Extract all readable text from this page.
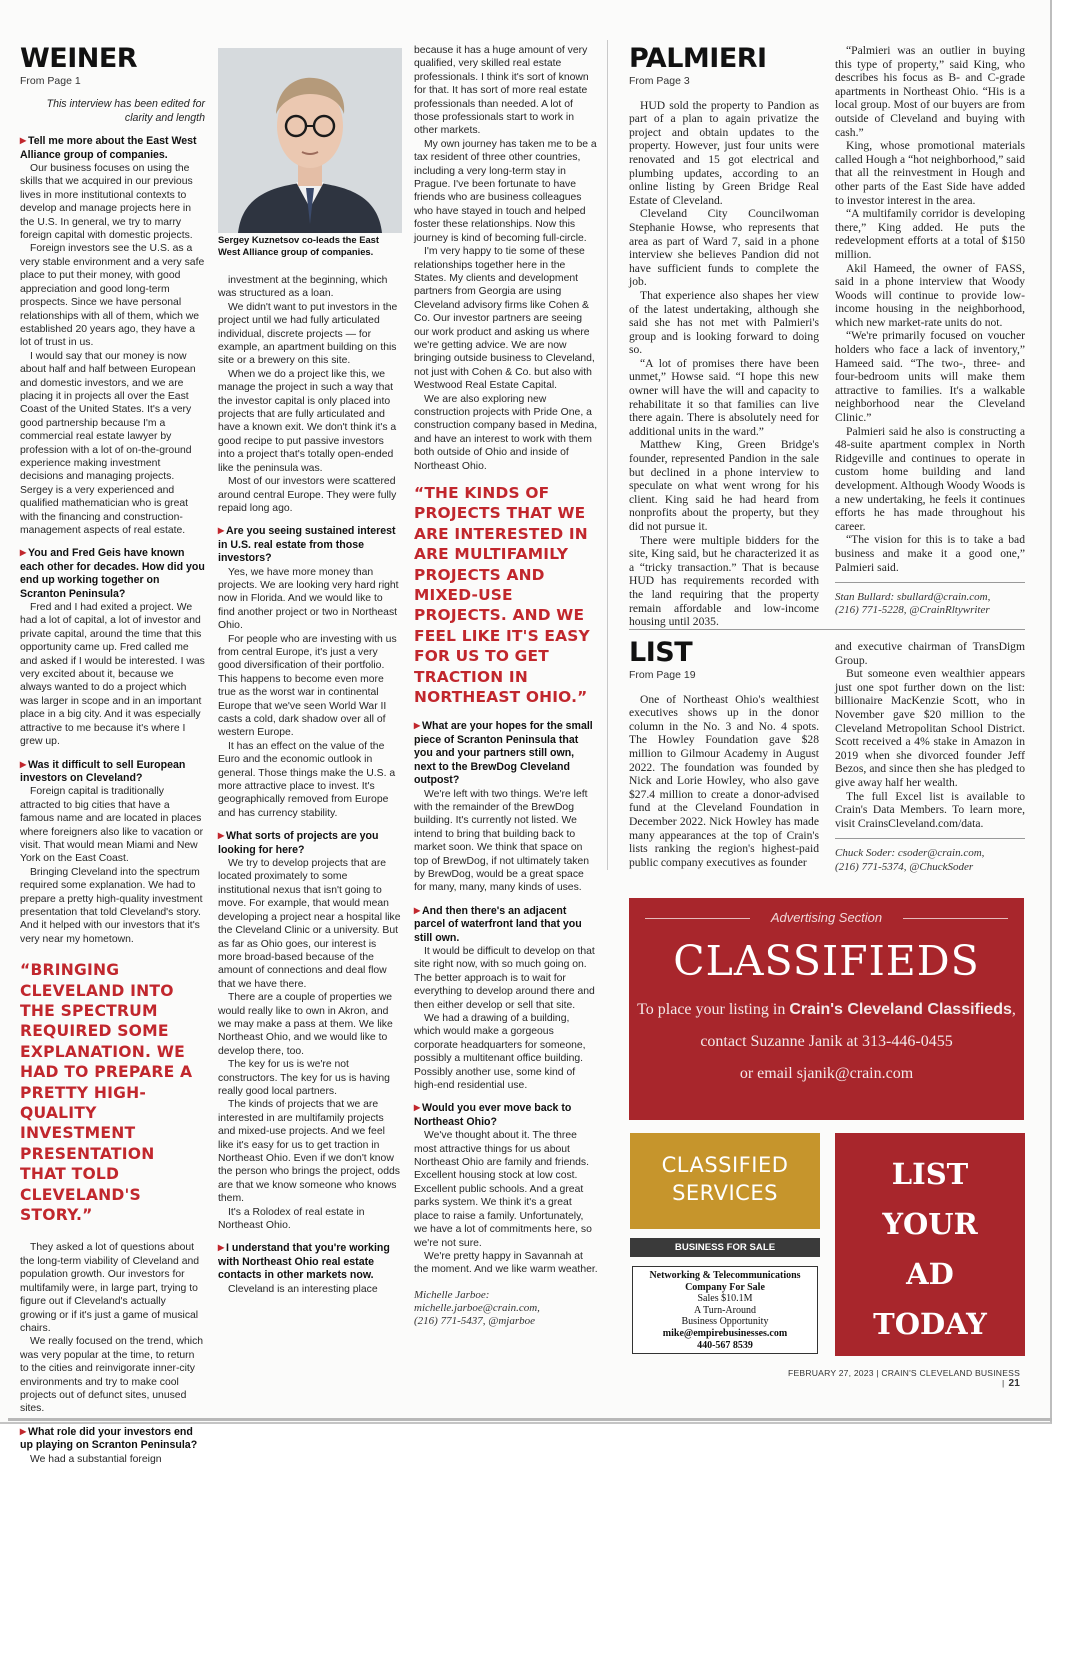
WEINER
From Page 1
This interview has been edited for clarity and length
▸ Tell me more about the East West Alliance group of companies.

Our business focuses on using the skills that we acquired in our previous lives in more institutional contexts to develop and manage projects here in the U.S. In general, we try to marry foreign capital with domestic projects.

Foreign investors see the U.S. as a very stable environment and a very safe place to put their money, with good appreciation and good long-term prospects. Since we have personal relationships with all of them, which we established 20 years ago, they have a lot of trust in us.

I would say that our money is now about half and half between European and domestic investors, and we are placing it in projects all over the East Coast of the United States. It's a very good partnership because I'm a commercial real estate lawyer by profession with a lot of on-the-ground experience making investment decisions and managing projects. Sergey is a very experienced and qualified mathematician who is great with the financing and construction-management aspects of real estate.

▸ You and Fred Geis have known each other for decades. How did you end up working together on Scranton Peninsula?

Fred and I had exited a project. We had a lot of capital, a lot of investor and private capital, around the time that this opportunity came up. Fred called me and asked if I would be interested. I was very excited about it, because we always wanted to do a project which was larger in scope and in an important place in a big city. And it was especially attractive to me because it's where I grew up.

▸ Was it difficult to sell European investors on Cleveland?

Foreign capital is traditionally attracted to big cities that have a famous name and are located in places where foreigners also like to vacation or visit. That would mean Miami and New York on the East Coast.

Bringing Cleveland into the spectrum required some explanation. We had to prepare a pretty high-quality investment presentation that told Cleveland's story. And it helped with our investors that it's very near my hometown.

“BRINGING CLEVELAND INTO THE SPECTRUM REQUIRED SOME EXPLANATION. WE HAD TO PREPARE A PRETTY HIGH-QUALITY INVESTMENT PRESENTATION THAT TOLD CLEVELAND'S STORY.”

They asked a lot of questions about the long-term viability of Cleveland and population growth. Our investors for multifamily were, in large part, trying to figure out if Cleveland's actually growing or if it's just a game of musical chairs.

We really focused on the trend, which was very popular at the time, to return to the cities and reinvigorate inner-city environments and try to make cool projects out of defunct sites, unused sites.

▸ What role did your investors end up playing on Scranton Peninsula?

We had a substantial foreign

Sergey Kuznetsov co-leads the East West Alliance group of companies.

investment at the beginning, which was structured as a loan.

We didn't want to put investors in the project until we had fully articulated individual, discrete projects — for example, an apartment building on this site or a brewery on this site.

When we do a project like this, we manage the project in such a way that the investor capital is only placed into projects that are fully articulated and have a known exit. We don't think it's a good recipe to put passive investors into a project that's totally open-ended like the peninsula was.

Most of our investors were scattered around central Europe. They were fully repaid long ago.

▸ Are you seeing sustained interest in U.S. real estate from those investors?

Yes, we have more money than projects. We are looking very hard right now in Florida. And we would like to find another project or two in Northeast Ohio.

For people who are investing with us from central Europe, it's just a very good diversification of their portfolio. This happens to become even more true as the worst war in continental Europe that we've seen World War II casts a cold, dark shadow over all of western Europe.

It has an effect on the value of the Euro and the economic outlook in general. Those things make the U.S. a more attractive place to invest. It's geographically removed from Europe and has currency stability.

▸ What sorts of projects are you looking for here?

We try to develop projects that are located proximately to some institutional nexus that isn't going to move. For example, that would mean developing a project near a hospital like the Cleveland Clinic or a university. But as far as Ohio goes, our interest is more broad-based because of the amount of connections and deal flow that we have there.

There are a couple of properties we would really like to own in Akron, and we may make a pass at them. We like Northeast Ohio, and we would like to develop there, too.

The key for us is we're not constructors. The key for us is having really good local partners.

The kinds of projects that we are interested in are multifamily projects and mixed-use projects. And we feel like it's easy for us to get traction in Northeast Ohio. Even if we don't know the person who brings the project, odds are that we know someone who knows them.

It's a Rolodex of real estate in Northeast Ohio.

▸ I understand that you're working with Northeast Ohio real estate contacts in other markets now.

Cleveland is an interesting place

because it has a huge amount of very qualified, very skilled real estate professionals. I think it's sort of known for that. It has sort of more real estate professionals than needed. A lot of those professionals start to work in other markets.

My own journey has taken me to be a tax resident of three other countries, including a very long-term stay in Prague. I've been fortunate to have friends who are business colleagues who have stayed in touch and helped foster these relationships. Now this journey is kind of becoming full-circle.

I'm very happy to tie some of these relationships together here in the States. My clients and development partners from Georgia are using Cleveland advisory firms like Cohen & Co. Our investor partners are seeing our work product and asking us where we're getting advice. We are now bringing outside business to Cleveland, not just with Cohen & Co. but also with Westwood Real Estate Capital.

We are also exploring new construction projects with Pride One, a construction company based in Medina, and have an interest to work with them both outside of Ohio and inside of Northeast Ohio.

“THE KINDS OF PROJECTS THAT WE ARE INTERESTED IN ARE MULTIFAMILY PROJECTS AND MIXED-USE PROJECTS. AND WE FEEL LIKE IT'S EASY FOR US TO GET TRACTION IN NORTHEAST OHIO.”
▸ What are your hopes for the small piece of Scranton Peninsula that you and your partners still own, next to the BrewDog Cleveland outpost?

We're left with two things. We're left with the remainder of the BrewDog building. It's currently not listed. We intend to bring that building back to market soon. We think that space on top of BrewDog, if not ultimately taken by BrewDog, would be a great space for many, many, many kinds of uses.

▸ And then there's an adjacent parcel of waterfront land that you still own.

It would be difficult to develop on that site right now, with so much going on. The better approach is to wait for everything to develop around there and then either develop or sell that site.

We had a drawing of a building, which would make a gorgeous corporate headquarters for someone, possibly a multitenant office building. Possibly another use, some kind of high-end residential use.

▸ Would you ever move back to Northeast Ohio?

We've thought about it. The three most attractive things for us about Northeast Ohio are family and friends. Excellent housing stock at low cost. Excellent public schools. And a great parks system. We think it's a great place to raise a family. Unfortunately, we have a lot of commitments here, so we're not sure.

We're pretty happy in Savannah at the moment. And we like warm weather.

Michelle Jarboe:
michelle.jarboe@crain.com,
(216) 771-5437, @mjarboe
PALMIERI
From Page 3

HUD sold the property to Pandion as part of a plan to again privatize the project and obtain updates to the property. However, just four units were renovated and 15 got electrical and plumbing updates, according to an online listing by Green Bridge Real Estate of Cleveland.

Cleveland City Councilwoman Stephanie Howse, who represents that area as part of Ward 7, said in a phone interview she believes Pandion did not have sufficient funds to complete the job.

That experience also shapes her view of the latest undertaking, although she said she has not met with Palmieri's group and is looking forward to doing so.

“A lot of promises there have been unmet,” Howse said. “I hope this new owner will have the will and capacity to rehabilitate it so that families can live there again. There is absolutely need for additional units in the ward.”

Matthew King, Green Bridge's founder, represented Pandion in the sale but declined in a phone interview to speculate on what went wrong for his client. King said he had heard from nonprofits about the property, but they did not pursue it.

There were multiple bidders for the site, King said, but he characterized it as a “tricky transaction.” That is because HUD has requirements recorded with the land requiring that the property remain affordable and low-income housing until 2035.

“Palmieri was an outlier in buying this type of property,” said King, who describes his focus as B- and C-grade apartments in Northeast Ohio. “His is a local group. Most of our buyers are from outside of Cleveland and buying with cash.”

King, whose promotional materials called Hough a “hot neighborhood,” said that all the reinvestment in Hough and other parts of the East Side have added to investor interest in the area.

“A multifamily corridor is developing there,” King added. He puts the redevelopment efforts at a total of $150 million.

Akil Hameed, the owner of FASS, said in a phone interview that Woody Woods will continue to provide low-income housing in the neighborhood, which new market-rate units do not.

“We're primarily focused on voucher holders who face a lack of inventory,” Hameed said. “The two-, three- and four-bedroom units will make them attractive to families. It's a walkable neighborhood near the Cleveland Clinic.”

Palmieri said he also is constructing a 48-suite apartment complex in North Ridgeville and continues to operate in custom home building and land development. Although Woody Woods is a new undertaking, he feels it continues efforts he has made throughout his career.

“The vision for this is to take a bad business and make it a good one,” Palmieri said.

Stan Bullard: sbullard@crain.com,
(216) 771-5228, @CrainRltywriter
LIST
From Page 19

One of Northeast Ohio's wealthiest executives shows up in the donor column in the No. 3 and No. 4 spots. The Howley Foundation gave $28 million to Gilmour Academy in August 2022. The foundation was founded by Nick and Lorie Howley, who also gave $27.4 million to create a donor-advised fund at the Cleveland Foundation in December 2022. Nick Howley has made many appearances at the top of Crain's lists ranking the region's highest-paid public company executives as founder

and executive chairman of TransDigm Group.

But someone even wealthier appears just one spot further down on the list: billionaire MacKenzie Scott, who in November gave $20 million to the Cleveland Metropolitan School District. Scott received a 4% stake in Amazon in 2019 when she divorced founder Jeff Bezos, and since then she has pledged to give away half her wealth.

The full Excel list is available to Crain's Data Members. To learn more, visit CrainsCleveland.com/data.

Chuck Soder: csoder@crain.com,
(216) 771-5374, @ChuckSoder
Advertising Section
CLASSIFIEDS
To place your listing in Crain's Cleveland Classifieds,
contact Suzanne Janik at 313-446-0455
or email sjanik@crain.com
CLASSIFIED
SERVICES
BUSINESS FOR SALE
Networking & Telecommunications
Company For Sale
Sales $10.1M
A Turn-Around
Business Opportunity
mike@empirebusinesses.com
440-567 8539
LIST
YOUR
AD
TODAY
FEBRUARY 27, 2023 | CRAIN'S CLEVELAND BUSINESS | 21
